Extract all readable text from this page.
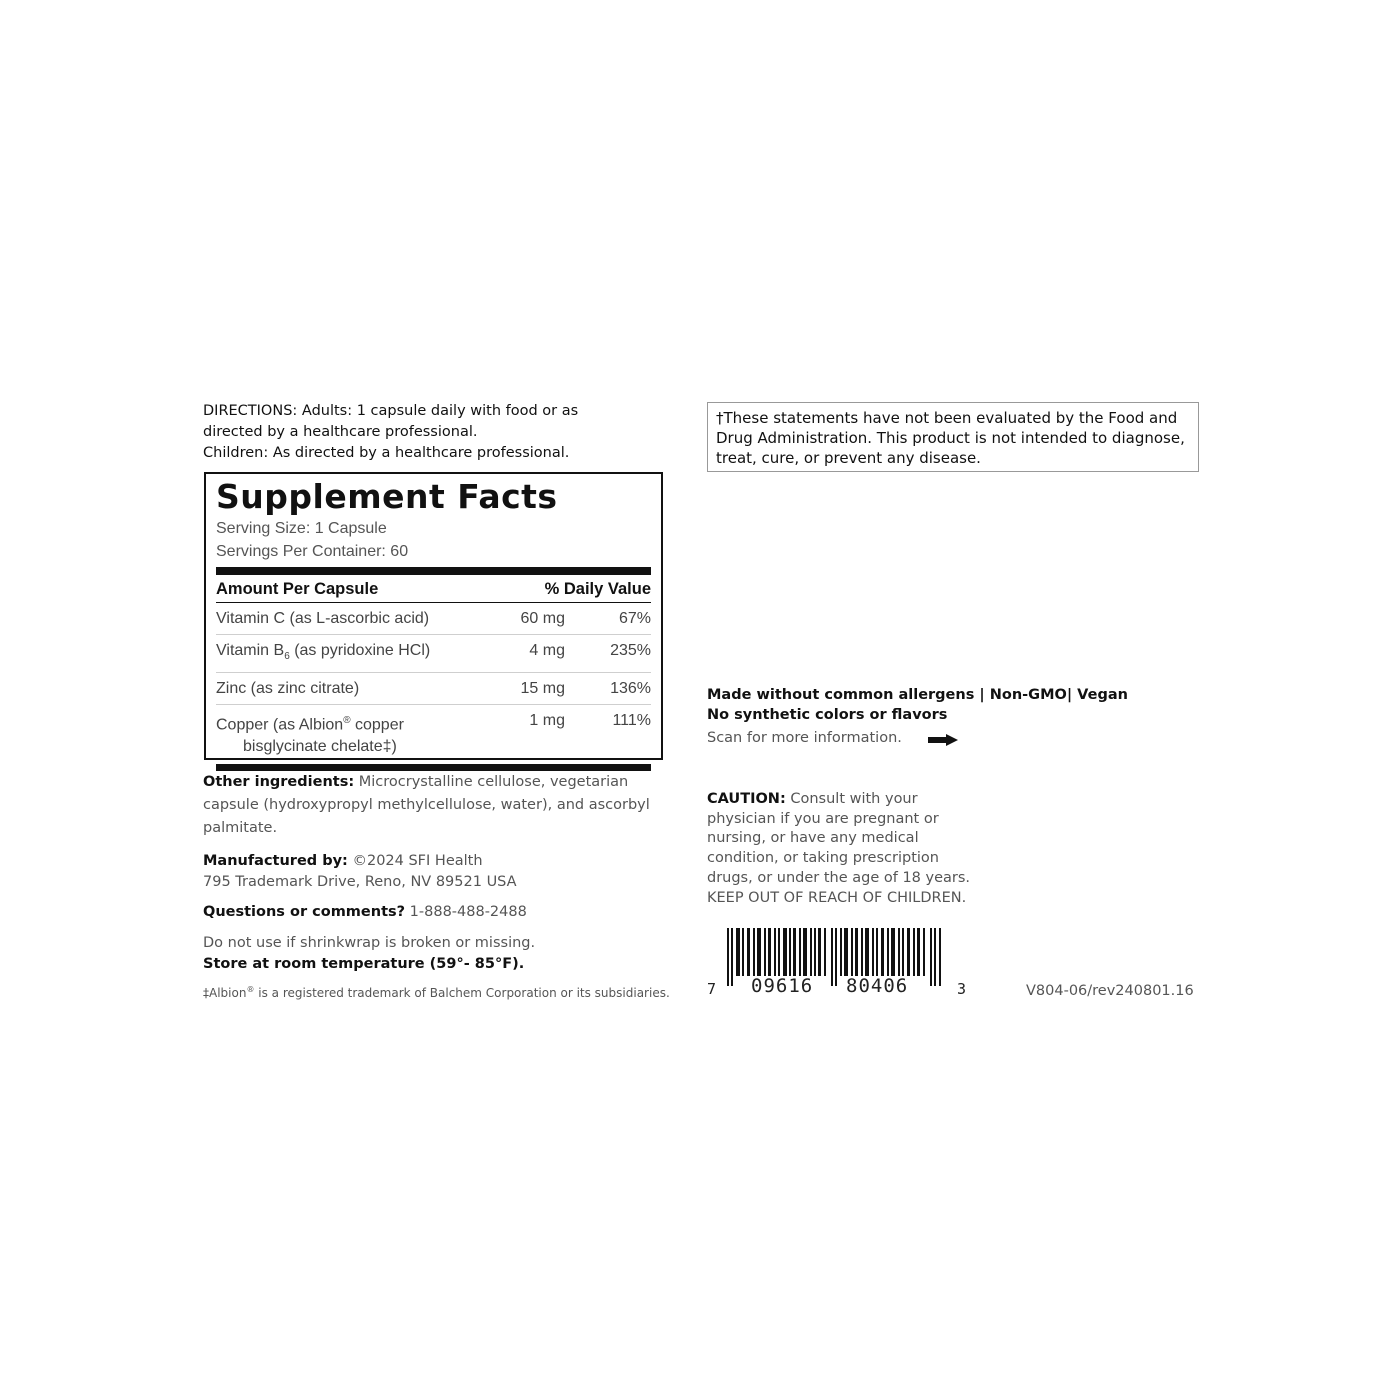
DIRECTIONS: Adults: 1 capsule daily with food or as
directed by a healthcare professional.
Children: As directed by a healthcare professional.
Supplement Facts
Serving Size: 1 Capsule
Servings Per Container: 60
Amount Per Capsule	% Daily Value
Vitamin C (as L-ascorbic acid)	60 mg	67%
Vitamin $B_6$ (as pyridoxine HCl)	4 mg	235%
Zinc (as zinc citrate)	15 mg	136%
Copper (as Albion® copper
bisglycinate chelate‡)
1 mg	111%
Other ingredients: Microcrystalline cellulose, vegetarian capsule (hydroxypropyl methylcellulose, water), and ascorbyl palmitate.
Manufactured by: ©2024 SFI Health
795 Trademark Drive, Reno, NV 89521 USA
Questions or comments? 1-888-488-2488
Do not use if shrinkwrap is broken or missing.
Store at room temperature (59°- 85°F).
‡Albion® is a registered trademark of Balchem Corporation or its subsidiaries.
†These statements have not been evaluated by the Food and Drug Administration. This product is not intended to diagnose, treat, cure, or prevent any disease.
Made without common allergens | Non-GMO| Vegan
No synthetic colors or flavors
Scan for more information.
CAUTION: Consult with your physician if you are pregnant or nursing, or have any medical condition, or taking prescription drugs, or under the age of 18 years.
KEEP OUT OF REACH OF CHILDREN.
7 09616 80406	3	V804-06/rev240801.16
